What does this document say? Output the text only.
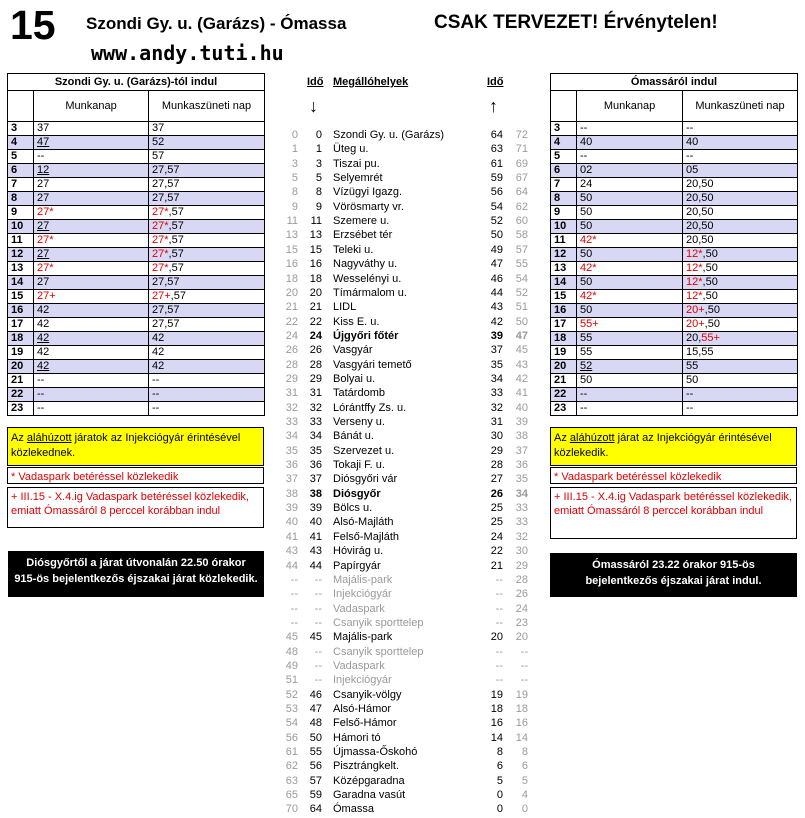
15 Szondi Gy. u. (Garázs) - Ómassa	CSAK TERVEZET! Érvénytelen!
www.andy.tuti.hu
Szondi Gy. u. (Garázs)-tól indul		
	Munkanap	Munkaszüneti nap
3	37	37
4	47	52
5	--	57
6	12	27,57
7	27	27,57
8	27	27,57
9	27*	27*,57
10	27	27*,57
11	27*	27*,57
12	27	27*,57
13	27*	27*,57
14	27	27,57
15	27+	27+,57
16	42	27,57
17	42	27,57
18	42	42
19	42	42
20	42	42
21	--	--
22	--	--
23	--	--
Ómassáról indul		
	Munkanap	Munkaszüneti nap
3	--	--
4	40	40
5	--	--
6	02	05
7	24	20,50
8	50	20,50
9	50	20,50
10	50	20,50
11	42*	20,50
12	50	12*,50
13	42*	12*,50
14	50	12*,50
15	42*	12*,50
16	50	20+,50
17	55+	20+,50
18	55	20,55+
19	55	15,55
20	52	55
21	50	50
22	--	--
23	--	--
Az aláhúzott járatok az Injekciógyár érintésével közlekednek.
* Vadaspark betéréssel közlekedik
+ III.15 - X.4.ig Vadaspark betéréssel közlekedik, emiatt Ómassáról 8 perccel korábban indul
Diósgyőrtől a járat útvonalán 22.50 órakor 915-ös bejelentkezős éjszakai járat közlekedik.
Az aláhúzott járat az Injekciógyár érintésével közlekedik.
* Vadaspark betéréssel közlekedik
+ III.15 - X.4.ig Vadaspark betéréssel közlekedik, emiatt Ómassáról 8 perccel korábban indul
Ómassáról 23.22 órakor 915-ös bejelentkezős éjszakai járat indul.
Idő Megállóhelyek	Idő
↓	↑
0	0 Szondi Gy. u. (Garázs)	64	72
1	1 Üteg u.	63	71
3	3 Tiszai pu.	61	69
5	5 Selyemrét	59	67
8	8 Vízügyi Igazg.	56	64
9	9 Vörösmarty vr.	54	62
11	11 Szemere u.	52	60
13	13 Erzsébet tér	50	58
15	15 Teleki u.	49	57
16	16 Nagyváthy u.	47	55
18	18 Wesselényi u.	46	54
20	20 Tímármalom u.	44	52
21	21 LIDL	43	51
22	22 Kiss E. u.	42	50
24	24 Újgyőri főtér	39	47
26	26 Vasgyár	37	45
28	28 Vasgyári temető	35	43
29	29 Bolyai u.	34	42
31	31 Tatárdomb	33	41
32	32 Lórántffy Zs. u.	32	40
33	33 Verseny u.	31	39
34	34 Bánát u.	30	38
35	35 Szervezet u.	29	37
36	36 Tokaji F. u.	28	36
37	37 Diósgyőri vár	27	35
38	38 Diósgyőr	26	34
39	39 Bölcs u.	25	33
40	40 Alsó-Majláth	25	33
41	41 Felső-Majláth	24	32
43	43 Hóvirág u.	22	30
44	44 Papírgyár	21	29
--	-- Majális-park	--	28
--	-- Injekciógyár	--	26
--	-- Vadaspark	--	24
--	-- Csanyik sporttelep	--	23
45	45 Majális-park	20	20
48	-- Csanyik sporttelep	--	--
49	-- Vadaspark	--	--
51	-- Injekciógyár	--	--
52	46 Csanyik-völgy	19	19
53	47 Alsó-Hámor	18	18
54	48 Felső-Hámor	16	16
56	50 Hámori tó	14	14
61	55 Újmassa-Őskohó	8	8
62	56 Pisztrángkelt.	6	6
63	57 Középgaradna	5	5
65	59 Garadna vasút	0	4
70	64 Ómassa	0	0
